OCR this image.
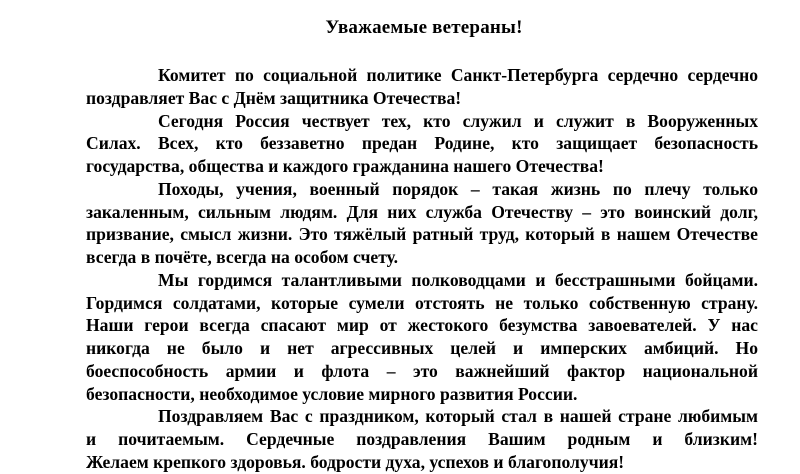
Уважаемые ветераны!
Комитет по социальной политике Санкт-Петербурга сердечно сердечно
поздравляет Вас с Днём защитника Отечества!
Сегодня Россия чествует тех, кто служил и служит в Вооруженных
Силах. Всех, кто беззаветно предан Родине, кто защищает безопасность
государства, общества и каждого гражданина нашего Отечества!
Походы, учения, военный порядок – такая жизнь по плечу только
закаленным, сильным людям. Для них служба Отечеству – это воинский долг,
призвание, смысл жизни. Это тяжёлый ратный труд, который в нашем Отечестве
всегда в почёте, всегда на особом счету.
Мы гордимся талантливыми полководцами и бесстрашными бойцами.
Гордимся солдатами, которые сумели отстоять не только собственную страну.
Наши герои всегда спасают мир от жестокого безумства завоевателей. У нас
никогда не было и нет агрессивных целей и имперских амбиций. Но
боеспособность армии и флота – это важнейший фактор национальной
безопасности, необходимое условие мирного развития России.
Поздравляем Вас с праздником, который стал в нашей стране любимым
и почитаемым. Сердечные поздравления Вашим родным и близким!
Желаем крепкого здоровья. бодрости духа, успехов и благополучия!
